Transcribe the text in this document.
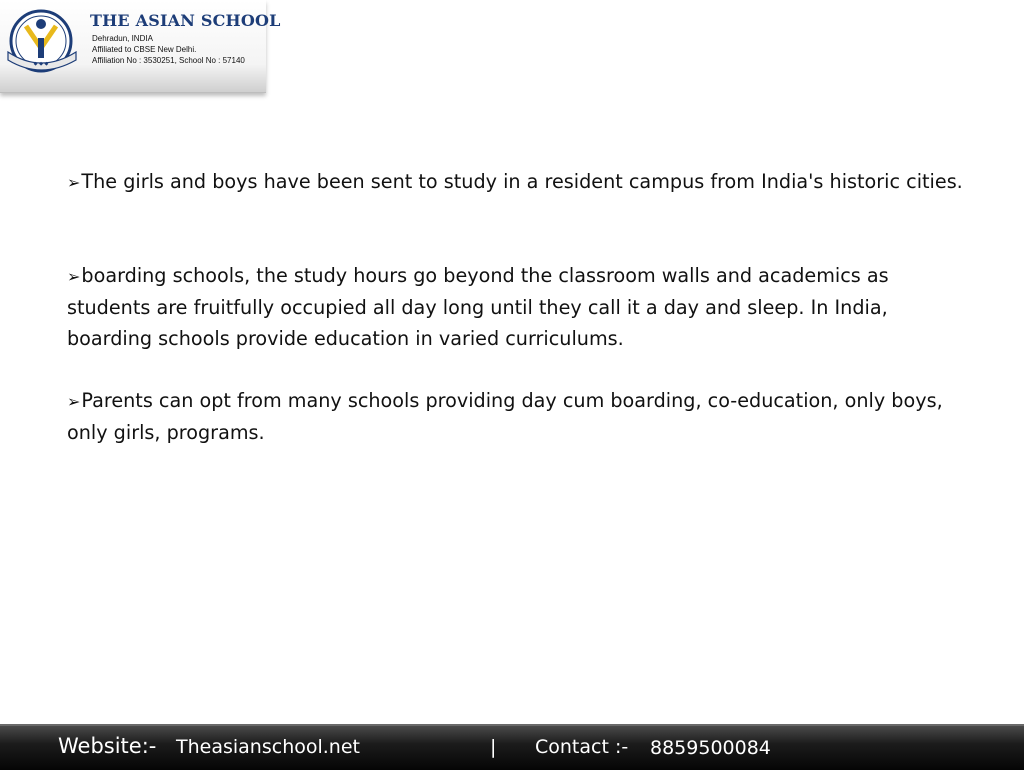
◆ ◆ ◆
THE ASIAN SCHOOL
Dehradun, INDIA
Affiliated to CBSE New Delhi.
Affiliation No : 3530251, School No : 57140

➢The girls and boys have been sent to study in a resident campus from India's historic cities.

➢boarding schools, the study hours go beyond the classroom walls and academics as students are fruitfully occupied all day long until they call it a day and sleep. In India, boarding schools provide education in varied curriculums.

➢Parents can opt from many schools providing day cum boarding, co-education, only boys, only girls, programs.

Website:- Theasianschool.net	| Contact :- 8859500084
